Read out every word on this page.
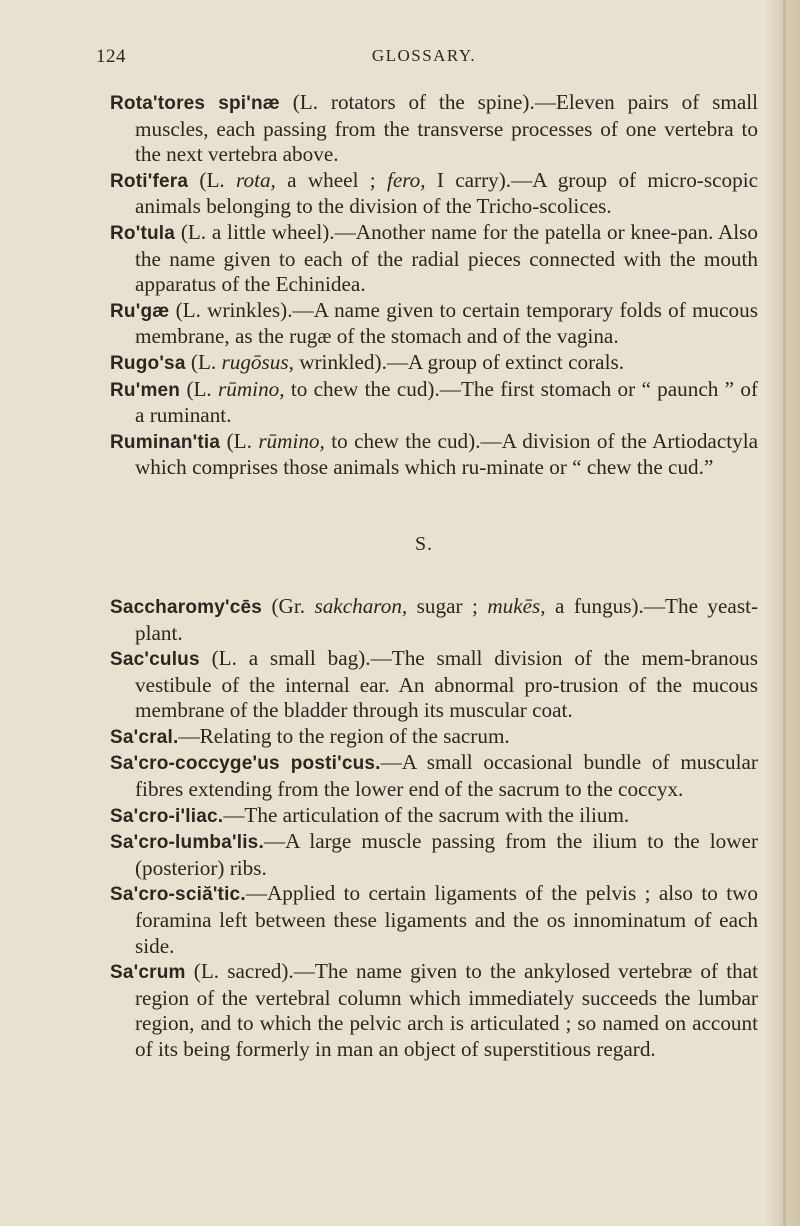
124	GLOSSARY.

Rota'tores spi'næ (L. rotators of the spine).—Eleven pairs of small muscles, each passing from the transverse processes of one vertebra to the next vertebra above.

Roti'fera (L. rota, a wheel ; fero, I carry).—A group of micro-scopic animals belonging to the division of the Tricho-scolices.

Ro'tula (L. a little wheel).—Another name for the patella or knee-pan. Also the name given to each of the radial pieces connected with the mouth apparatus of the Echinidea.

Ru'gæ (L. wrinkles).—A name given to certain temporary folds of mucous membrane, as the rugæ of the stomach and of the vagina.

Rugo'sa (L. rugōsus, wrinkled).—A group of extinct corals.

Ru'men (L. rūmino, to chew the cud).—The first stomach or “ paunch ” of a ruminant.

Ruminan'tia (L. rūmino, to chew the cud).—A division of the Artiodactyla which comprises those animals which ru-minate or “ chew the cud.”

S.

Saccharomy'cēs (Gr. sakcharon, sugar ; mukēs, a fungus).—The yeast-plant.

Sac'culus (L. a small bag).—The small division of the mem-branous vestibule of the internal ear. An abnormal pro-trusion of the mucous membrane of the bladder through its muscular coat.

Sa'cral.—Relating to the region of the sacrum.

Sa'cro-coccyge'us posti'cus.—A small occasional bundle of muscular fibres extending from the lower end of the sacrum to the coccyx.

Sa'cro-i'liac.—The articulation of the sacrum with the ilium.

Sa'cro-lumba'lis.—A large muscle passing from the ilium to the lower (posterior) ribs.

Sa'cro-sciă'tic.—Applied to certain ligaments of the pelvis ; also to two foramina left between these ligaments and the os innominatum of each side.

Sa'crum (L. sacred).—The name given to the ankylosed vertebræ of that region of the vertebral column which immediately succeeds the lumbar region, and to which the pelvic arch is articulated ; so named on account of its being formerly in man an object of superstitious regard.
